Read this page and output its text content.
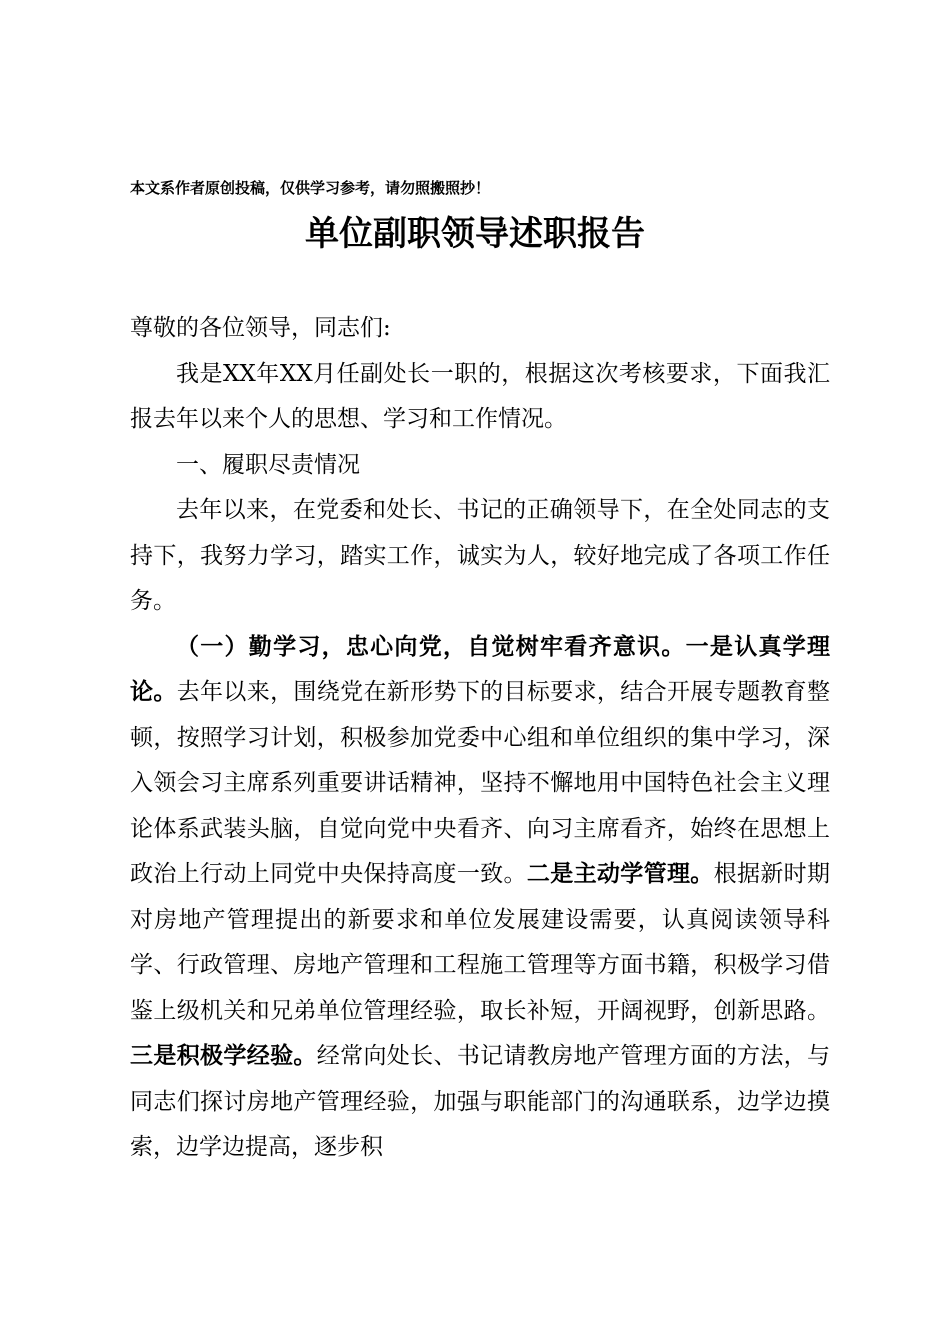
本文系作者原创投稿，仅供学习参考，请勿照搬照抄！
单位副职领导述职报告

尊敬的各位领导，同志们:

我是XX年XX月任副处长一职的，根据这次考核要求，下面我汇报去年以来个人的思想、学习和工作情况。

一、履职尽责情况

去年以来，在党委和处长、书记的正确领导下，在全处同志的支持下，我努力学习，踏实工作，诚实为人，较好地完成了各项工作任务。

（一）勤学习，忠心向党，自觉树牢看齐意识。一是认真学理论。去年以来，围绕党在新形势下的目标要求，结合开展专题教育整顿，按照学习计划，积极参加党委中心组和单位组织的集中学习，深入领会习主席系列重要讲话精神，坚持不懈地用中国特色社会主义理论体系武装头脑，自觉向党中央看齐、向习主席看齐，始终在思想上政治上行动上同党中央保持高度一致。二是主动学管理。根据新时期对房地产管理提出的新要求和单位发展建设需要，认真阅读领导科学、行政管理、房地产管理和工程施工管理等方面书籍，积极学习借鉴上级机关和兄弟单位管理经验，取长补短，开阔视野，创新思路。三是积极学经验。经常向处长、书记请教房地产管理方面的方法，与同志们探讨房地产管理经验，加强与职能部门的沟通联系，边学边摸索，边学边提高，逐步积
